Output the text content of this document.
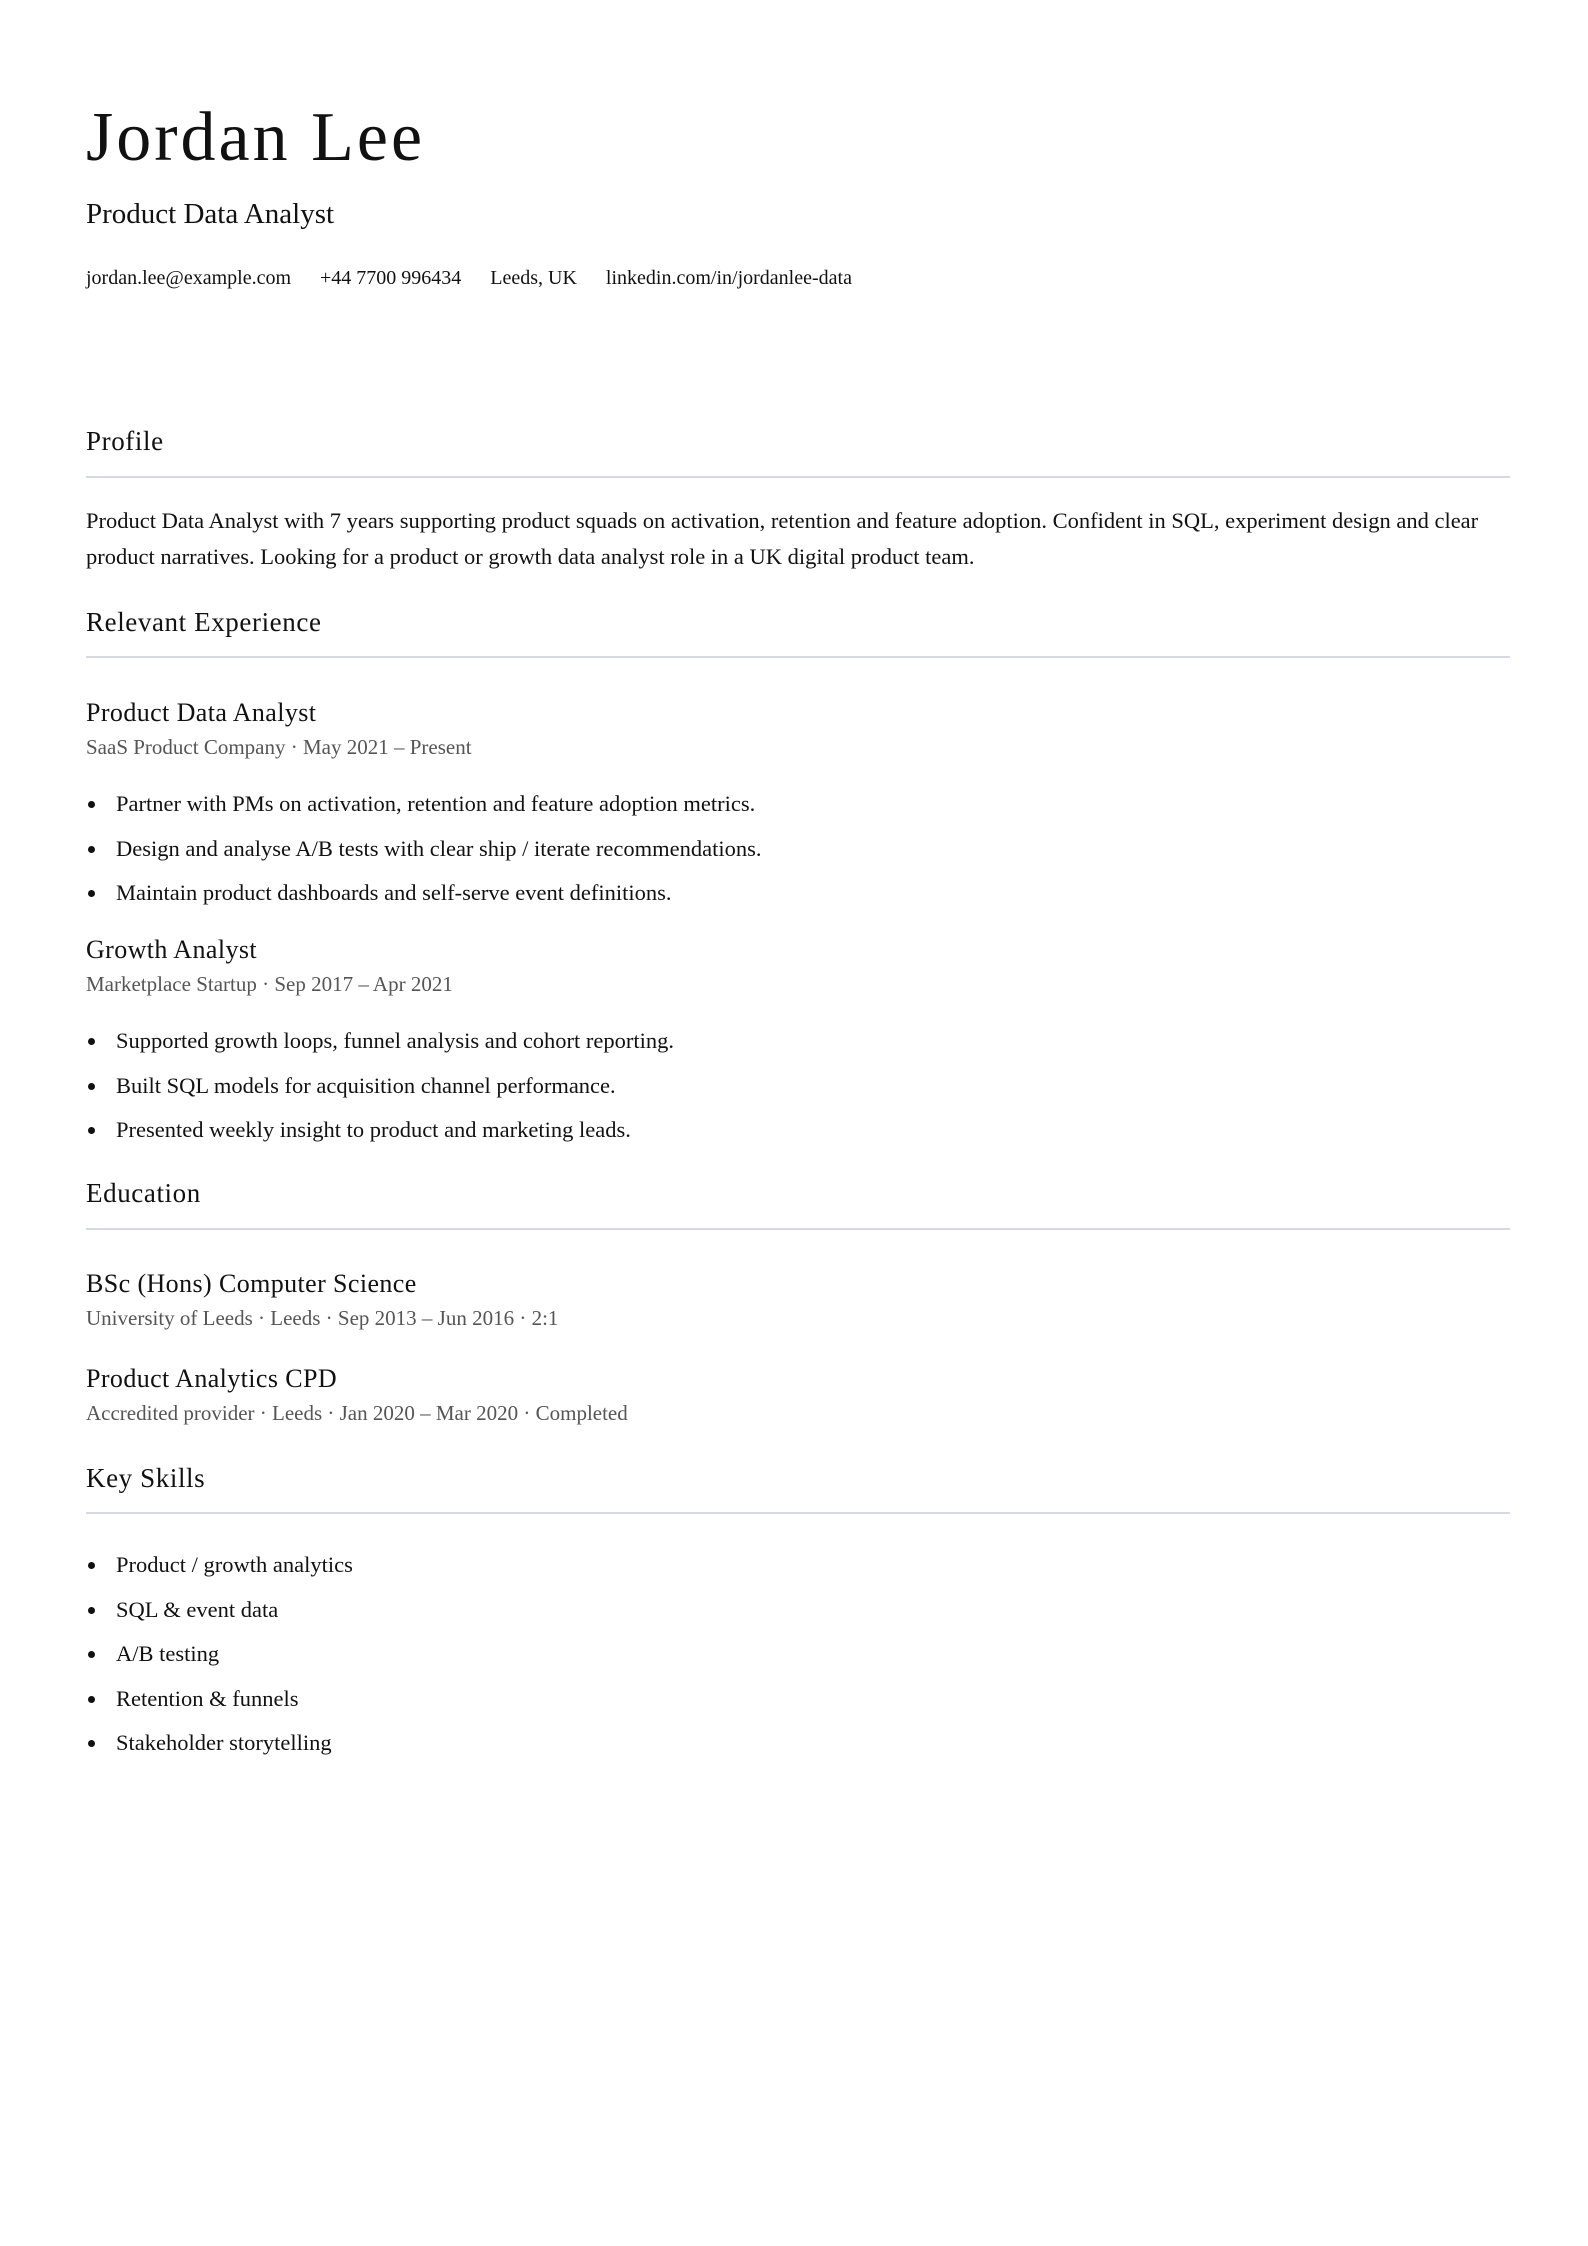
Jordan Lee
Product Data Analyst
jordan.lee@example.com +44 7700 996434 Leeds, UK linkedin.com/in/jordanlee-data
Profile

Product Data Analyst with 7 years supporting product squads on activation, retention and feature adoption. Confident in SQL, experiment design and clear product narratives. Looking for a product or growth data analyst role in a UK digital product team.

Relevant Experience
Product Data Analyst
SaaS Product Company · May 2021 – Present
Partner with PMs on activation, retention and feature adoption metrics.
Design and analyse A/B tests with clear ship / iterate recommendations.
Maintain product dashboards and self-serve event definitions.
Growth Analyst
Marketplace Startup · Sep 2017 – Apr 2021
Supported growth loops, funnel analysis and cohort reporting.
Built SQL models for acquisition channel performance.
Presented weekly insight to product and marketing leads.
Education
BSc (Hons) Computer Science
University of Leeds · Leeds · Sep 2013 – Jun 2016 · 2:1
Product Analytics CPD
Accredited provider · Leeds · Jan 2020 – Mar 2020 · Completed
Key Skills
Product / growth analytics
SQL & event data
A/B testing
Retention & funnels
Stakeholder storytelling
